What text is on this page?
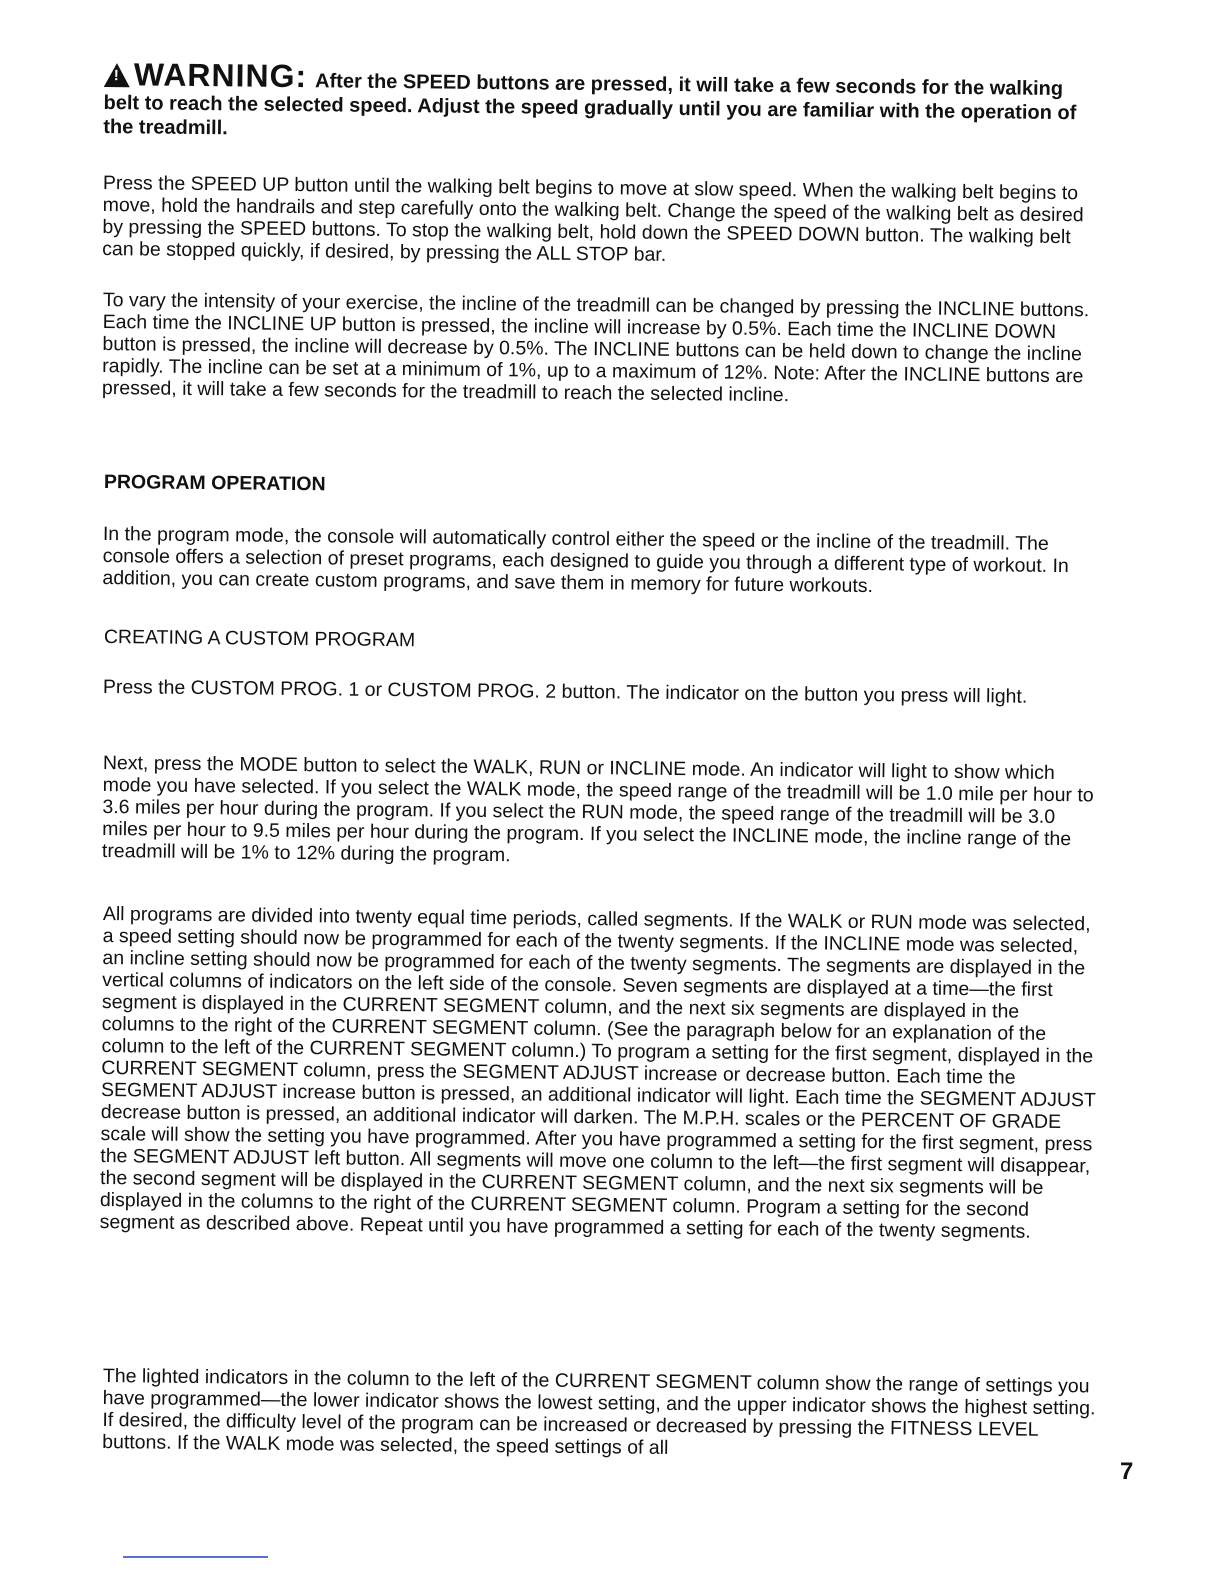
!WARNING: After the SPEED buttons are pressed, it will take a few seconds for the walking belt to reach the selected speed. Adjust the speed gradually until you are familiar with the operation of the treadmill.
Press the SPEED UP button until the walking belt begins to move at slow speed. When the walking belt begins to move, hold the handrails and step carefully onto the walking belt. Change the speed of the walking belt as desired by pressing the SPEED buttons. To stop the walking belt, hold down the SPEED DOWN button. The walking belt can be stopped quickly, if desired, by pressing the ALL STOP bar.
To vary the intensity of your exercise, the incline of the treadmill can be changed by pressing the INCLINE buttons. Each time the INCLINE UP button is pressed, the incline will increase by 0.5%. Each time the INCLINE DOWN button is pressed, the incline will decrease by 0.5%. The INCLINE buttons can be held down to change the incline rapidly. The incline can be set at a minimum of 1%, up to a maximum of 12%. Note: After the INCLINE buttons are pressed, it will take a few seconds for the treadmill to reach the selected incline.
PROGRAM OPERATION
In the program mode, the console will automatically control either the speed or the incline of the treadmill. The console offers a selection of preset programs, each designed to guide you through a different type of workout. In addition, you can create custom programs, and save them in memory for future workouts.
CREATING A CUSTOM PROGRAM
Press the CUSTOM PROG. 1 or CUSTOM PROG. 2 button. The indicator on the button you press will light.
Next, press the MODE button to select the WALK, RUN or INCLINE mode. An indicator will light to show which mode you have selected. If you select the WALK mode, the speed range of the treadmill will be 1.0 mile per hour to 3.6 miles per hour during the program. If you select the RUN mode, the speed range of the treadmill will be 3.0 miles per hour to 9.5 miles per hour during the program. If you select the INCLINE mode, the incline range of the treadmill will be 1% to 12% during the program.
All programs are divided into twenty equal time periods, called segments. If the WALK or RUN mode was selected, a speed setting should now be programmed for each of the twenty segments. If the INCLINE mode was selected, an incline setting should now be programmed for each of the twenty segments. The segments are displayed in the vertical columns of indicators on the left side of the console. Seven segments are displayed at a time—the first segment is displayed in the CURRENT SEGMENT column, and the next six segments are displayed in the columns to the right of the CURRENT SEGMENT column. (See the paragraph below for an explanation of the column to the left of the CURRENT SEGMENT column.) To program a setting for the first segment, displayed in the CURRENT SEGMENT column, press the SEGMENT ADJUST increase or decrease button. Each time the SEGMENT ADJUST increase button is pressed, an additional indicator will light. Each time the SEGMENT ADJUST decrease button is pressed, an additional indicator will darken. The M.P.H. scales or the PERCENT OF GRADE scale will show the setting you have programmed. After you have programmed a setting for the first segment, press the SEGMENT ADJUST left button. All segments will move one column to the left—the first segment will disappear, the second segment will be displayed in the CURRENT SEGMENT column, and the next six segments will be displayed in the columns to the right of the CURRENT SEGMENT column. Program a setting for the second segment as described above. Repeat until you have programmed a setting for each of the twenty segments.
The lighted indicators in the column to the left of the CURRENT SEGMENT column show the range of settings you have programmed—the lower indicator shows the lowest setting, and the upper indicator shows the highest setting. If desired, the difficulty level of the program can be increased or decreased by pressing the FITNESS LEVEL buttons. If the WALK mode was selected, the speed settings of all
7
